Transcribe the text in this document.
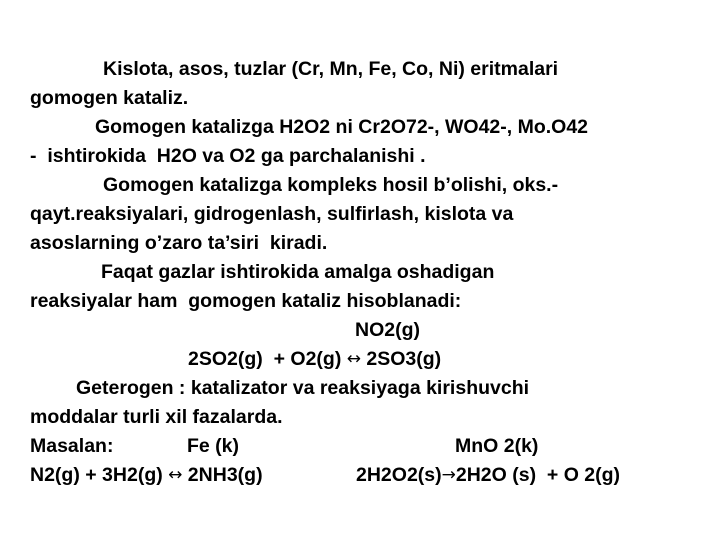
Kislota, asos, tuzlar (Cr, Mn, Fe, Co, Ni) eritmalari
gomogen kataliz.
Gomogen katalizga H2O2 ni Cr2O72-, WO42-, Mo.O42
-  ishtirokida  H2O va O2 ga parchalanishi .
Gomogen katalizga kompleks hosil b’olishi, oks.-
qayt.reaksiyalari, gidrogenlash, sulfirlash, kislota va
asoslarning o’zaro ta’siri  kiradi.
Faqat gazlar ishtirokida amalga oshadigan
reaksiyalar ham  gomogen kataliz hisoblanadi:
NO2(g)
2SO2(g)  + O2(g) ↔ 2SO3(g)
Geterogen : katalizator va reaksiyaga kirishuvchi
moddalar turli xil fazalarda.
Masalan:	Fe (k)	MnO 2(k)
N2(g) + 3H2(g) ↔ 2NH3(g)	2H2O2(s)→2H2O (s)  + O 2(g)
